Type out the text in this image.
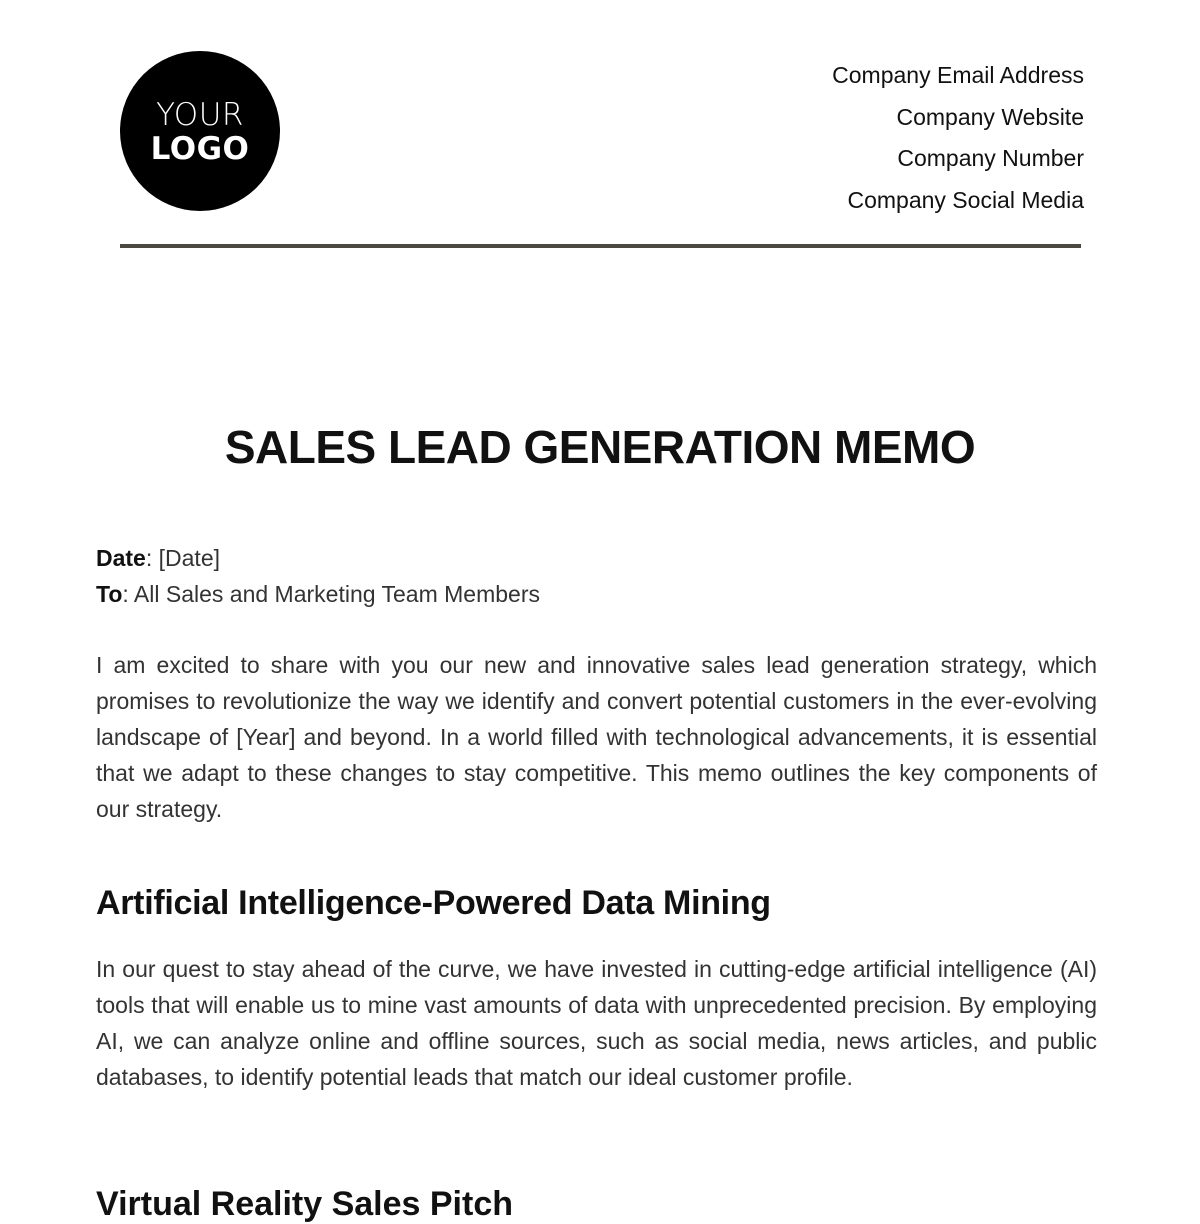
YOUR
LOGO
Company Email Address
Company Website
Company Number
Company Social Media
SALES LEAD GENERATION MEMO
Date: [Date]
To: All Sales and Marketing Team Members

I am excited to share with you our new and innovative sales lead generation strategy, which promises to revolutionize the way we identify and convert potential customers in the ever-evolving landscape of [Year] and beyond. In a world filled with technological advancements, it is essential that we adapt to these changes to stay competitive. This memo outlines the key components of our strategy.

Artificial Intelligence-Powered Data Mining

In our quest to stay ahead of the curve, we have invested in cutting-edge artificial intelligence (AI) tools that will enable us to mine vast amounts of data with unprecedented precision. By employing AI, we can analyze online and offline sources, such as social media, news articles, and public databases, to identify potential leads that match our ideal customer profile.

Virtual Reality Sales Pitch
